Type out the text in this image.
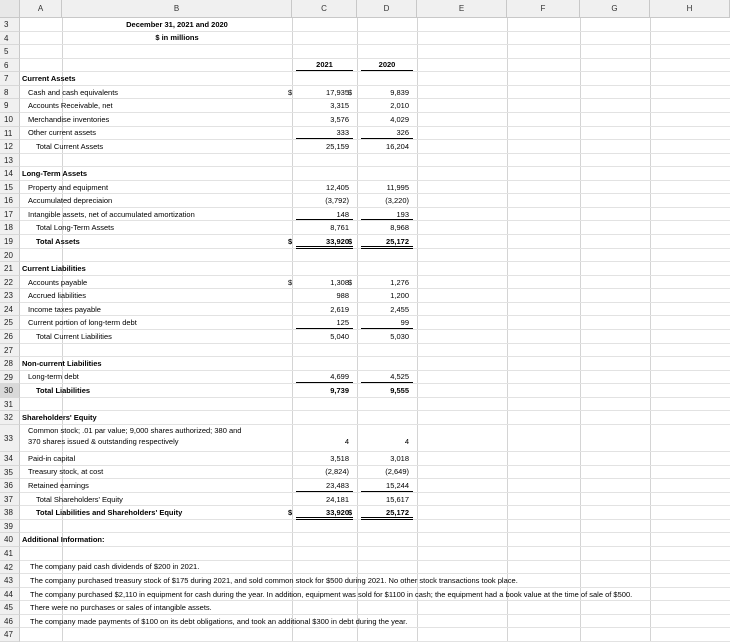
A	B	C	D	E	F	G	H
3
4
5
6
7
8
9
10
11
12
13
14
15
16
17
18
19
20
21
22
23
24
25
26
27
28
29
30
31
32
33
34
35
36
37
38
39
40
41
42
43
44
45
46
47
December 31, 2021 and 2020
$ in millions
2021	2020
Current Assets
Cash and cash equivalents	17,935	9,839
$	$
Accounts Receivable, net	3,315	2,010
Merchandise inventories	3,576	4,029
Other current assets	333	326
Total Current Assets	25,159	16,204
Long-Term Assets
Property and equipment	12,405	11,995
Accumulated depreciaion	(3,792)	(3,220)
Intangible assets, net of accumulated amortization	148	193
Total Long-Term Assets	8,761	8,968
Total Assets	33,920	25,172
$	$
Current Liabilities
Accounts payable	1,308	1,276
$	$
Accrued liabilities	988	1,200
Income taxes payable	2,619	2,455
Current portion of long-term debt	125	99
Total Current Liabilities	5,040	5,030
Non-current Liabilities
Long-term debt	4,699	4,525
Total Liabilities	9,739	9,555
Shareholders' Equity
Common stock; .01 par value; 9,000 shares authorized; 380 and
370 shares issued & outstanding respectively	4	4
Paid-in capital	3,518	3,018
Treasury stock, at cost	(2,824)	(2,649)
Retained earnings	23,483	15,244
Total Shareholders' Equity	24,181	15,617
Total Liabilities and Shareholders' Equity	33,920	25,172
$	$
Additional Information:
The company paid cash dividends of $200 in 2021.
The company purchased treasury stock of $175 during 2021, and sold common stock for $500 during 2021. No other stock transactions took place.
The company purchased $2,110 in equipment for cash during the year. In addition, equipment was sold for $1100 in cash; the equipment had a book value at the time of sale of $500.
There were no purchases or sales of intangible assets.
The company made payments of $100 on its debt obligations, and took an additional $300 in debt during the year.
